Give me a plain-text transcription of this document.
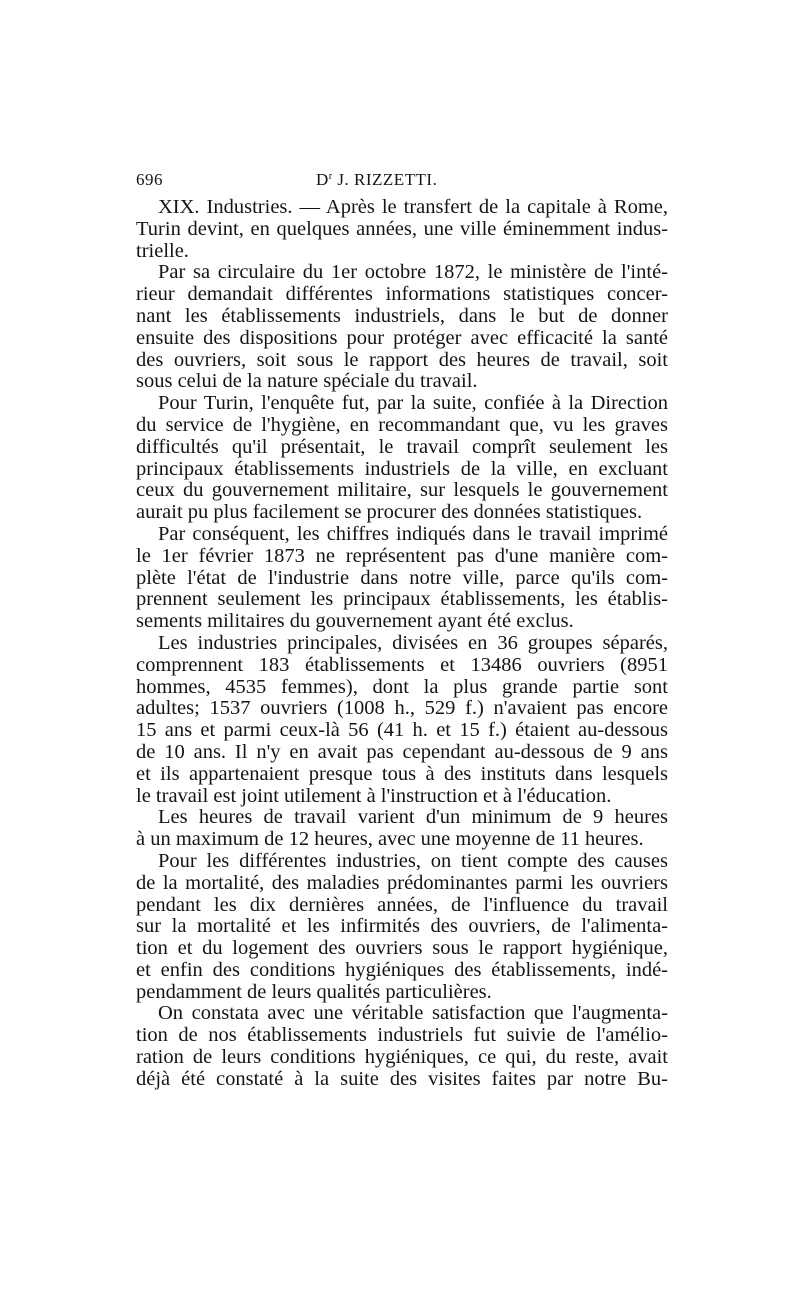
696	$D^r$ J. RIZZETTI.
XIX. Industries. — Après le transfert de la capitale à Rome,
Turin devint, en quelques années, une ville éminemment indus-
trielle.
Par sa circulaire du 1er octobre 1872, le ministère de l'inté-
rieur demandait différentes informations statistiques concer-
nant les établissements industriels, dans le but de donner
ensuite des dispositions pour protéger avec efficacité la santé
des ouvriers, soit sous le rapport des heures de travail, soit
sous celui de la nature spéciale du travail.
Pour Turin, l'enquête fut, par la suite, confiée à la Direction
du service de l'hygiène, en recommandant que, vu les graves
difficultés qu'il présentait, le travail comprît seulement les
principaux établissements industriels de la ville, en excluant
ceux du gouvernement militaire, sur lesquels le gouvernement
aurait pu plus facilement se procurer des données statistiques.
Par conséquent, les chiffres indiqués dans le travail imprimé
le 1er février 1873 ne représentent pas d'une manière com-
plète l'état de l'industrie dans notre ville, parce qu'ils com-
prennent seulement les principaux établissements, les établis-
sements militaires du gouvernement ayant été exclus.
Les industries principales, divisées en 36 groupes séparés,
comprennent 183 établissements et 13486 ouvriers (8951
hommes, 4535 femmes), dont la plus grande partie sont
adultes; 1537 ouvriers (1008 h., 529 f.) n'avaient pas encore
15 ans et parmi ceux-là 56 (41 h. et 15 f.) étaient au-dessous
de 10 ans. Il n'y en avait pas cependant au-dessous de 9 ans
et ils appartenaient presque tous à des instituts dans lesquels
le travail est joint utilement à l'instruction et à l'éducation.
Les heures de travail varient d'un minimum de 9 heures
à un maximum de 12 heures, avec une moyenne de 11 heures.
Pour les différentes industries, on tient compte des causes
de la mortalité, des maladies prédominantes parmi les ouvriers
pendant les dix dernières années, de l'influence du travail
sur la mortalité et les infirmités des ouvriers, de l'alimenta-
tion et du logement des ouvriers sous le rapport hygiénique,
et enfin des conditions hygiéniques des établissements, indé-
pendamment de leurs qualités particulières.
On constata avec une véritable satisfaction que l'augmenta-
tion de nos établissements industriels fut suivie de l'amélio-
ration de leurs conditions hygiéniques, ce qui, du reste, avait
déjà été constaté à la suite des visites faites par notre Bu-
